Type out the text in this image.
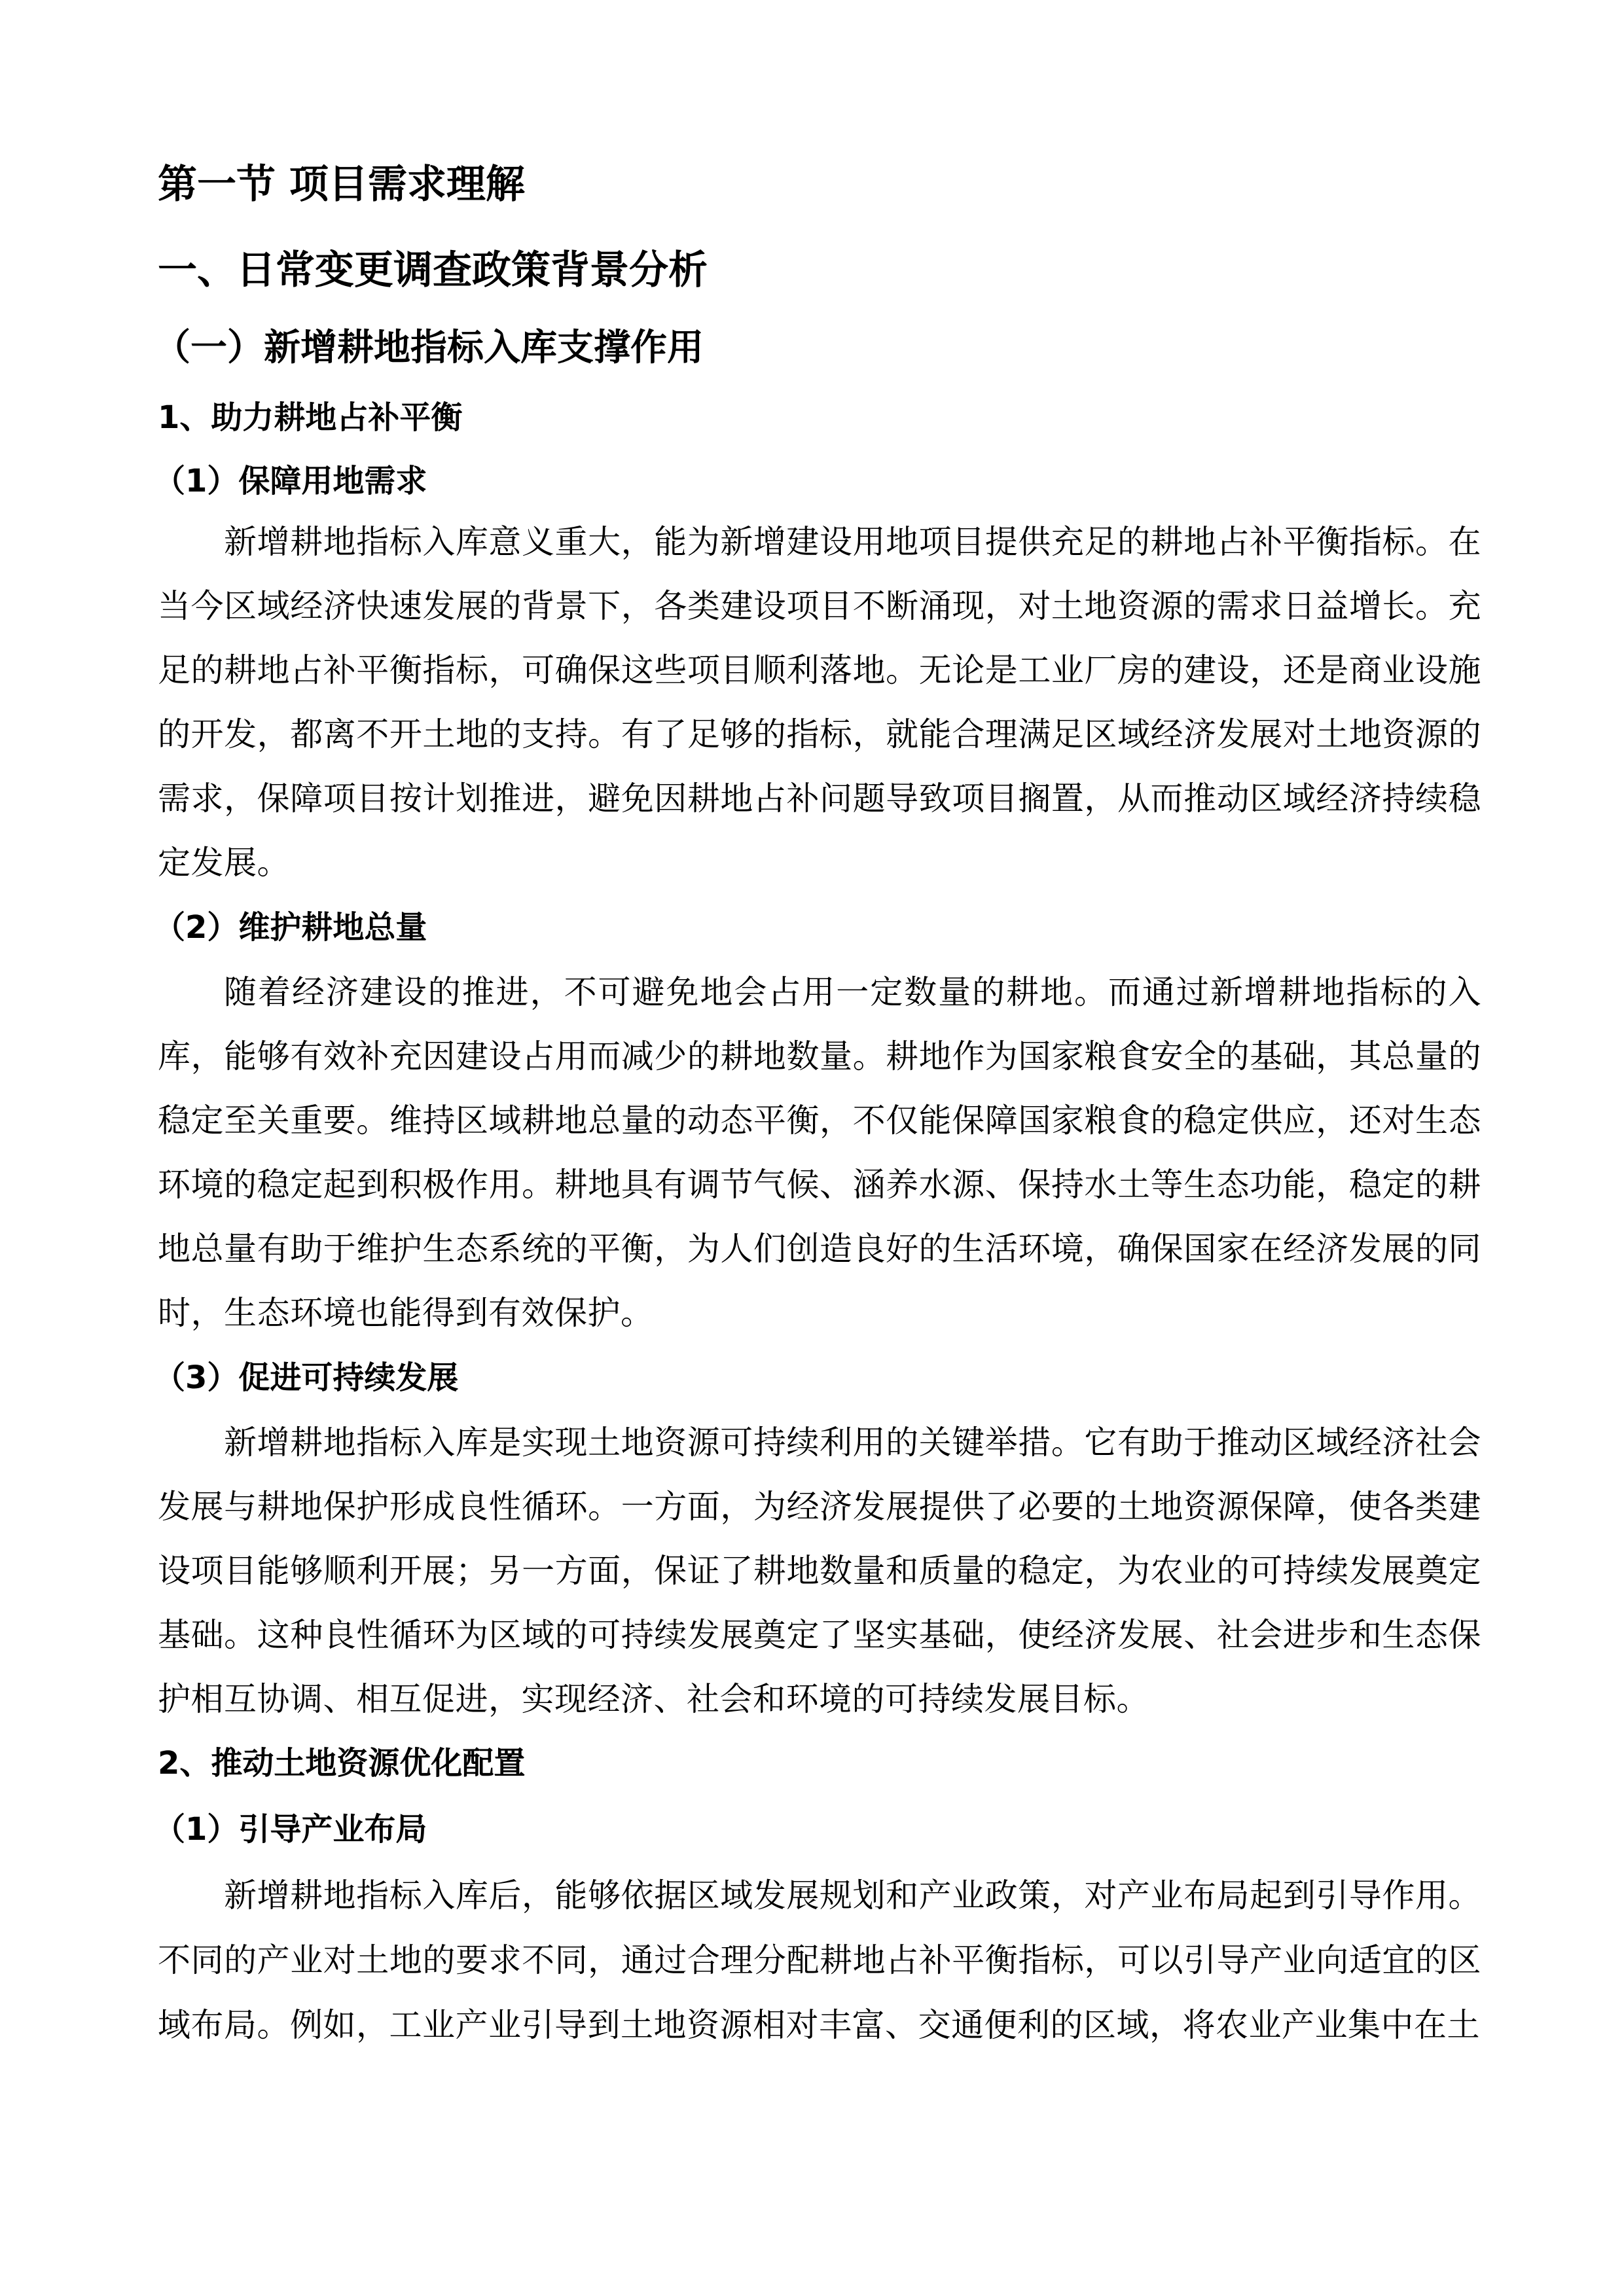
第一节 项目需求理解
一、日常变更调查政策背景分析
（一）新增耕地指标入库支撑作用
1、助力耕地占补平衡
（1）保障用地需求

新增耕地指标入库意义重大，能为新增建设用地项目提供充足的耕地占补平衡指标。在当今区域经济快速发展的背景下，各类建设项目不断涌现，对土地资源的需求日益增长。充足的耕地占补平衡指标，可确保这些项目顺利落地。无论是工业厂房的建设，还是商业设施的开发，都离不开土地的支持。有了足够的指标，就能合理满足区域经济发展对土地资源的需求，保障项目按计划推进，避免因耕地占补问题导致项目搁置，从而推动区域经济持续稳定发展。

（2）维护耕地总量

随着经济建设的推进，不可避免地会占用一定数量的耕地。而通过新增耕地指标的入库，能够有效补充因建设占用而减少的耕地数量。耕地作为国家粮食安全的基础，其总量的稳定至关重要。维持区域耕地总量的动态平衡，不仅能保障国家粮食的稳定供应，还对生态环境的稳定起到积极作用。耕地具有调节气候、涵养水源、保持水土等生态功能，稳定的耕地总量有助于维护生态系统的平衡，为人们创造良好的生活环境，确保国家在经济发展的同时，生态环境也能得到有效保护。

（3）促进可持续发展

新增耕地指标入库是实现土地资源可持续利用的关键举措。它有助于推动区域经济社会发展与耕地保护形成良性循环。一方面，为经济发展提供了必要的土地资源保障，使各类建设项目能够顺利开展；另一方面，保证了耕地数量和质量的稳定，为农业的可持续发展奠定基础。这种良性循环为区域的可持续发展奠定了坚实基础，使经济发展、社会进步和生态保护相互协调、相互促进，实现经济、社会和环境的可持续发展目标。

2、推动土地资源优化配置
（1）引导产业布局

新增耕地指标入库后，能够依据区域发展规划和产业政策，对产业布局起到引导作用。不同的产业对土地的要求不同，通过合理分配耕地占补平衡指标，可以引导产业向适宜的区域布局。例如，工业产业引导到土地资源相对丰富、交通便利的区域，将农业产业集中在土
